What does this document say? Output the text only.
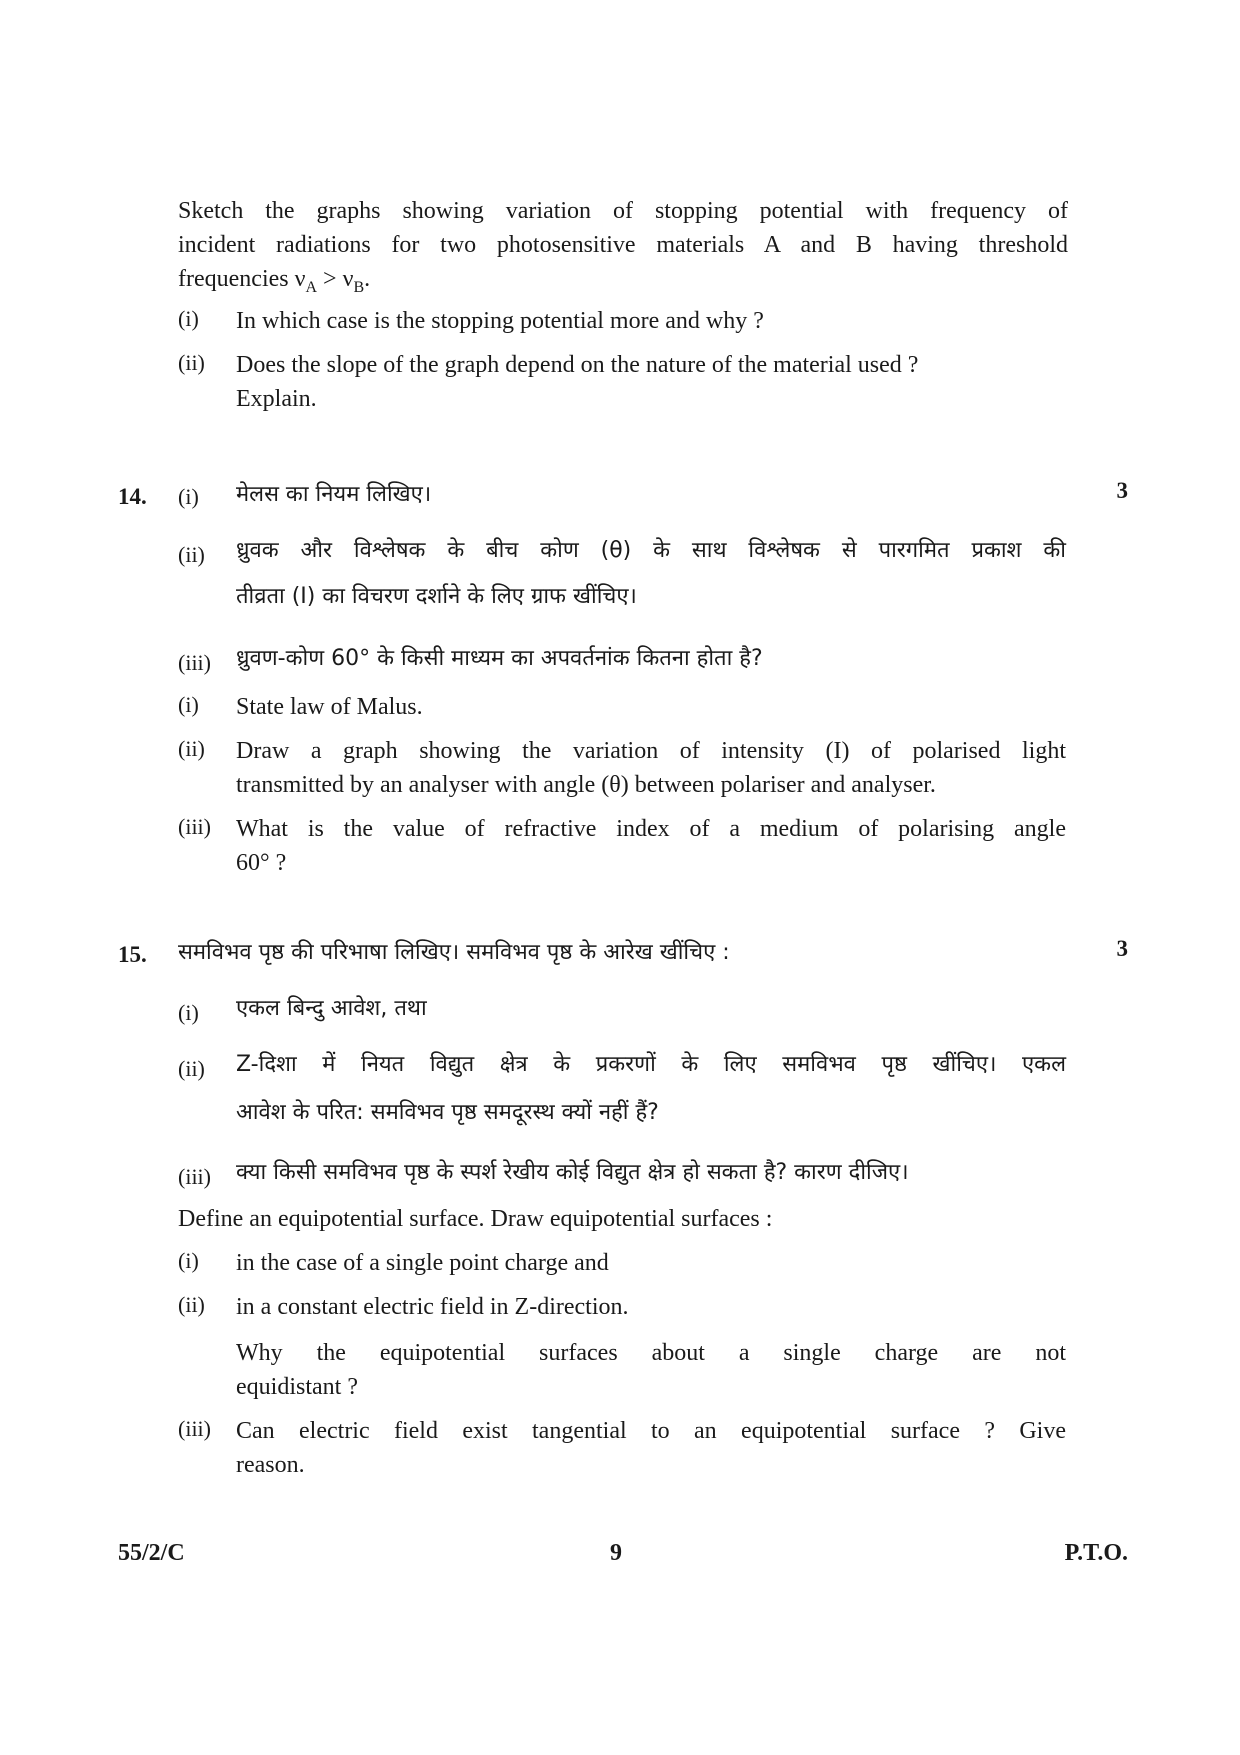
Sketch the graphs showing variation of stopping potential with frequency of
incident radiations for two photosensitive materials A and B having threshold
frequencies $\nu_A > \nu_B$.
(i) In which case is the stopping potential more and why ?
(ii) Does the slope of the graph depend on the nature of the material used ?
Explain.
14.	3
(i) मेलस का नियम लिखिए।
(ii) ध्रुवक और विश्लेषक के बीच कोण (θ) के साथ विश्लेषक से पारगमित प्रकाश की
तीव्रता (I) का विचरण दर्शाने के लिए ग्राफ खींचिए।
(iii) ध्रुवण-कोण 60° के किसी माध्यम का अपवर्तनांक कितना होता है?
(i) State law of Malus.
(ii) Draw a graph showing the variation of intensity (I) of polarised light
transmitted by an analyser with angle (θ) between polariser and analyser.
(iii) What is the value of refractive index of a medium of polarising angle
60° ?
15.	3
समविभव पृष्ठ की परिभाषा लिखिए। समविभव पृष्ठ के आरेख खींचिए :
(i) एकल बिन्दु आवेश, तथा
(ii) Z-दिशा में नियत विद्युत क्षेत्र के प्रकरणों के लिए समविभव पृष्ठ खींचिए। एकल
आवेश के परित: समविभव पृष्ठ समदूरस्थ क्यों नहीं हैं?
(iii) क्या किसी समविभव पृष्ठ के स्पर्श रेखीय कोई विद्युत क्षेत्र हो सकता है? कारण दीजिए।
Define an equipotential surface. Draw equipotential surfaces :
(i) in the case of a single point charge and
(ii) in a constant electric field in Z-direction.
Why the equipotential surfaces about a single charge are not
equidistant ?
(iii) Can electric field exist tangential to an equipotential surface ? Give
reason.
55/2/C	9	P.T.O.
